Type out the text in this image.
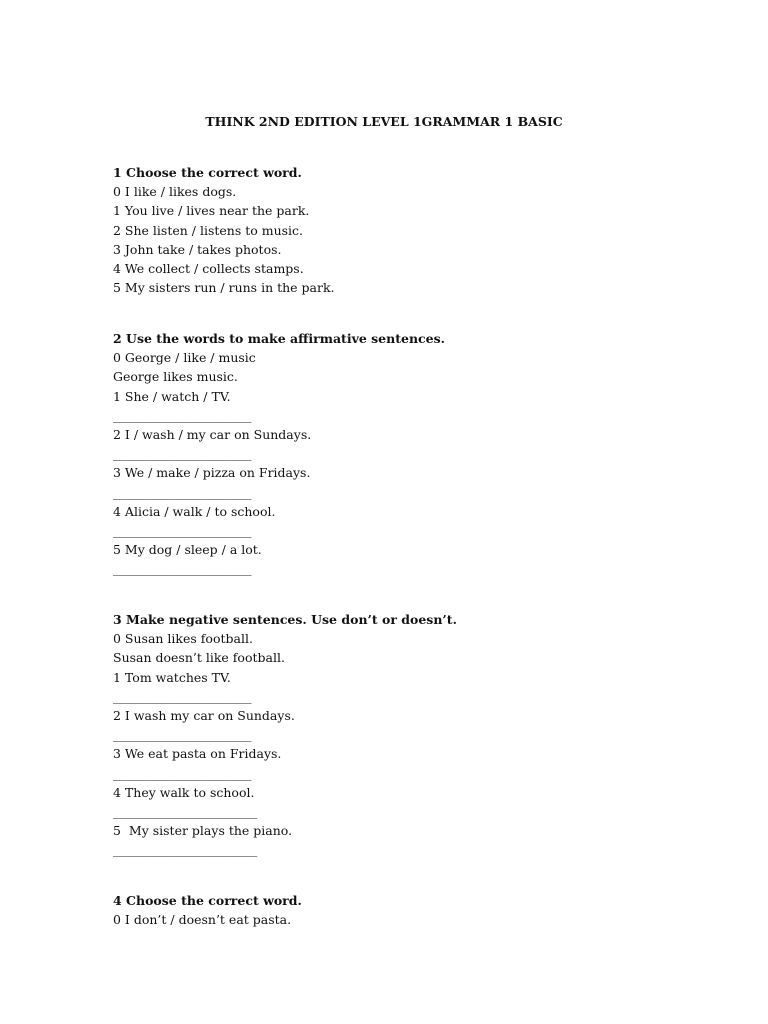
THINK 2ND EDITION LEVEL 1GRAMMAR 1 BASIC

1 Choose the correct word.

0 I like / likes dogs.

1 You live / lives near the park.

2 She listen / listens to music.

3 John take / takes photos.

4 We collect / collects stamps.

5 My sisters run / runs in the park.

2 Use the words to make affirmative sentences.

0 George / like / music

George likes music.

1 She / watch / TV.

________________________

2 I / wash / my car on Sundays.

________________________

3 We / make / pizza on Fridays.

________________________

4 Alicia / walk / to school.

________________________

5 My dog / sleep / a lot.

________________________

3 Make negative sentences. Use don’t or doesn’t.

0 Susan likes football.

Susan doesn’t like football.

1 Tom watches TV.

________________________

2 I wash my car on Sundays.

________________________

3 We eat pasta on Fridays.

________________________

4 They walk to school.

_________________________

5  My sister plays the piano.

_________________________

4 Choose the correct word.

0 I don’t / doesn’t eat pasta.
